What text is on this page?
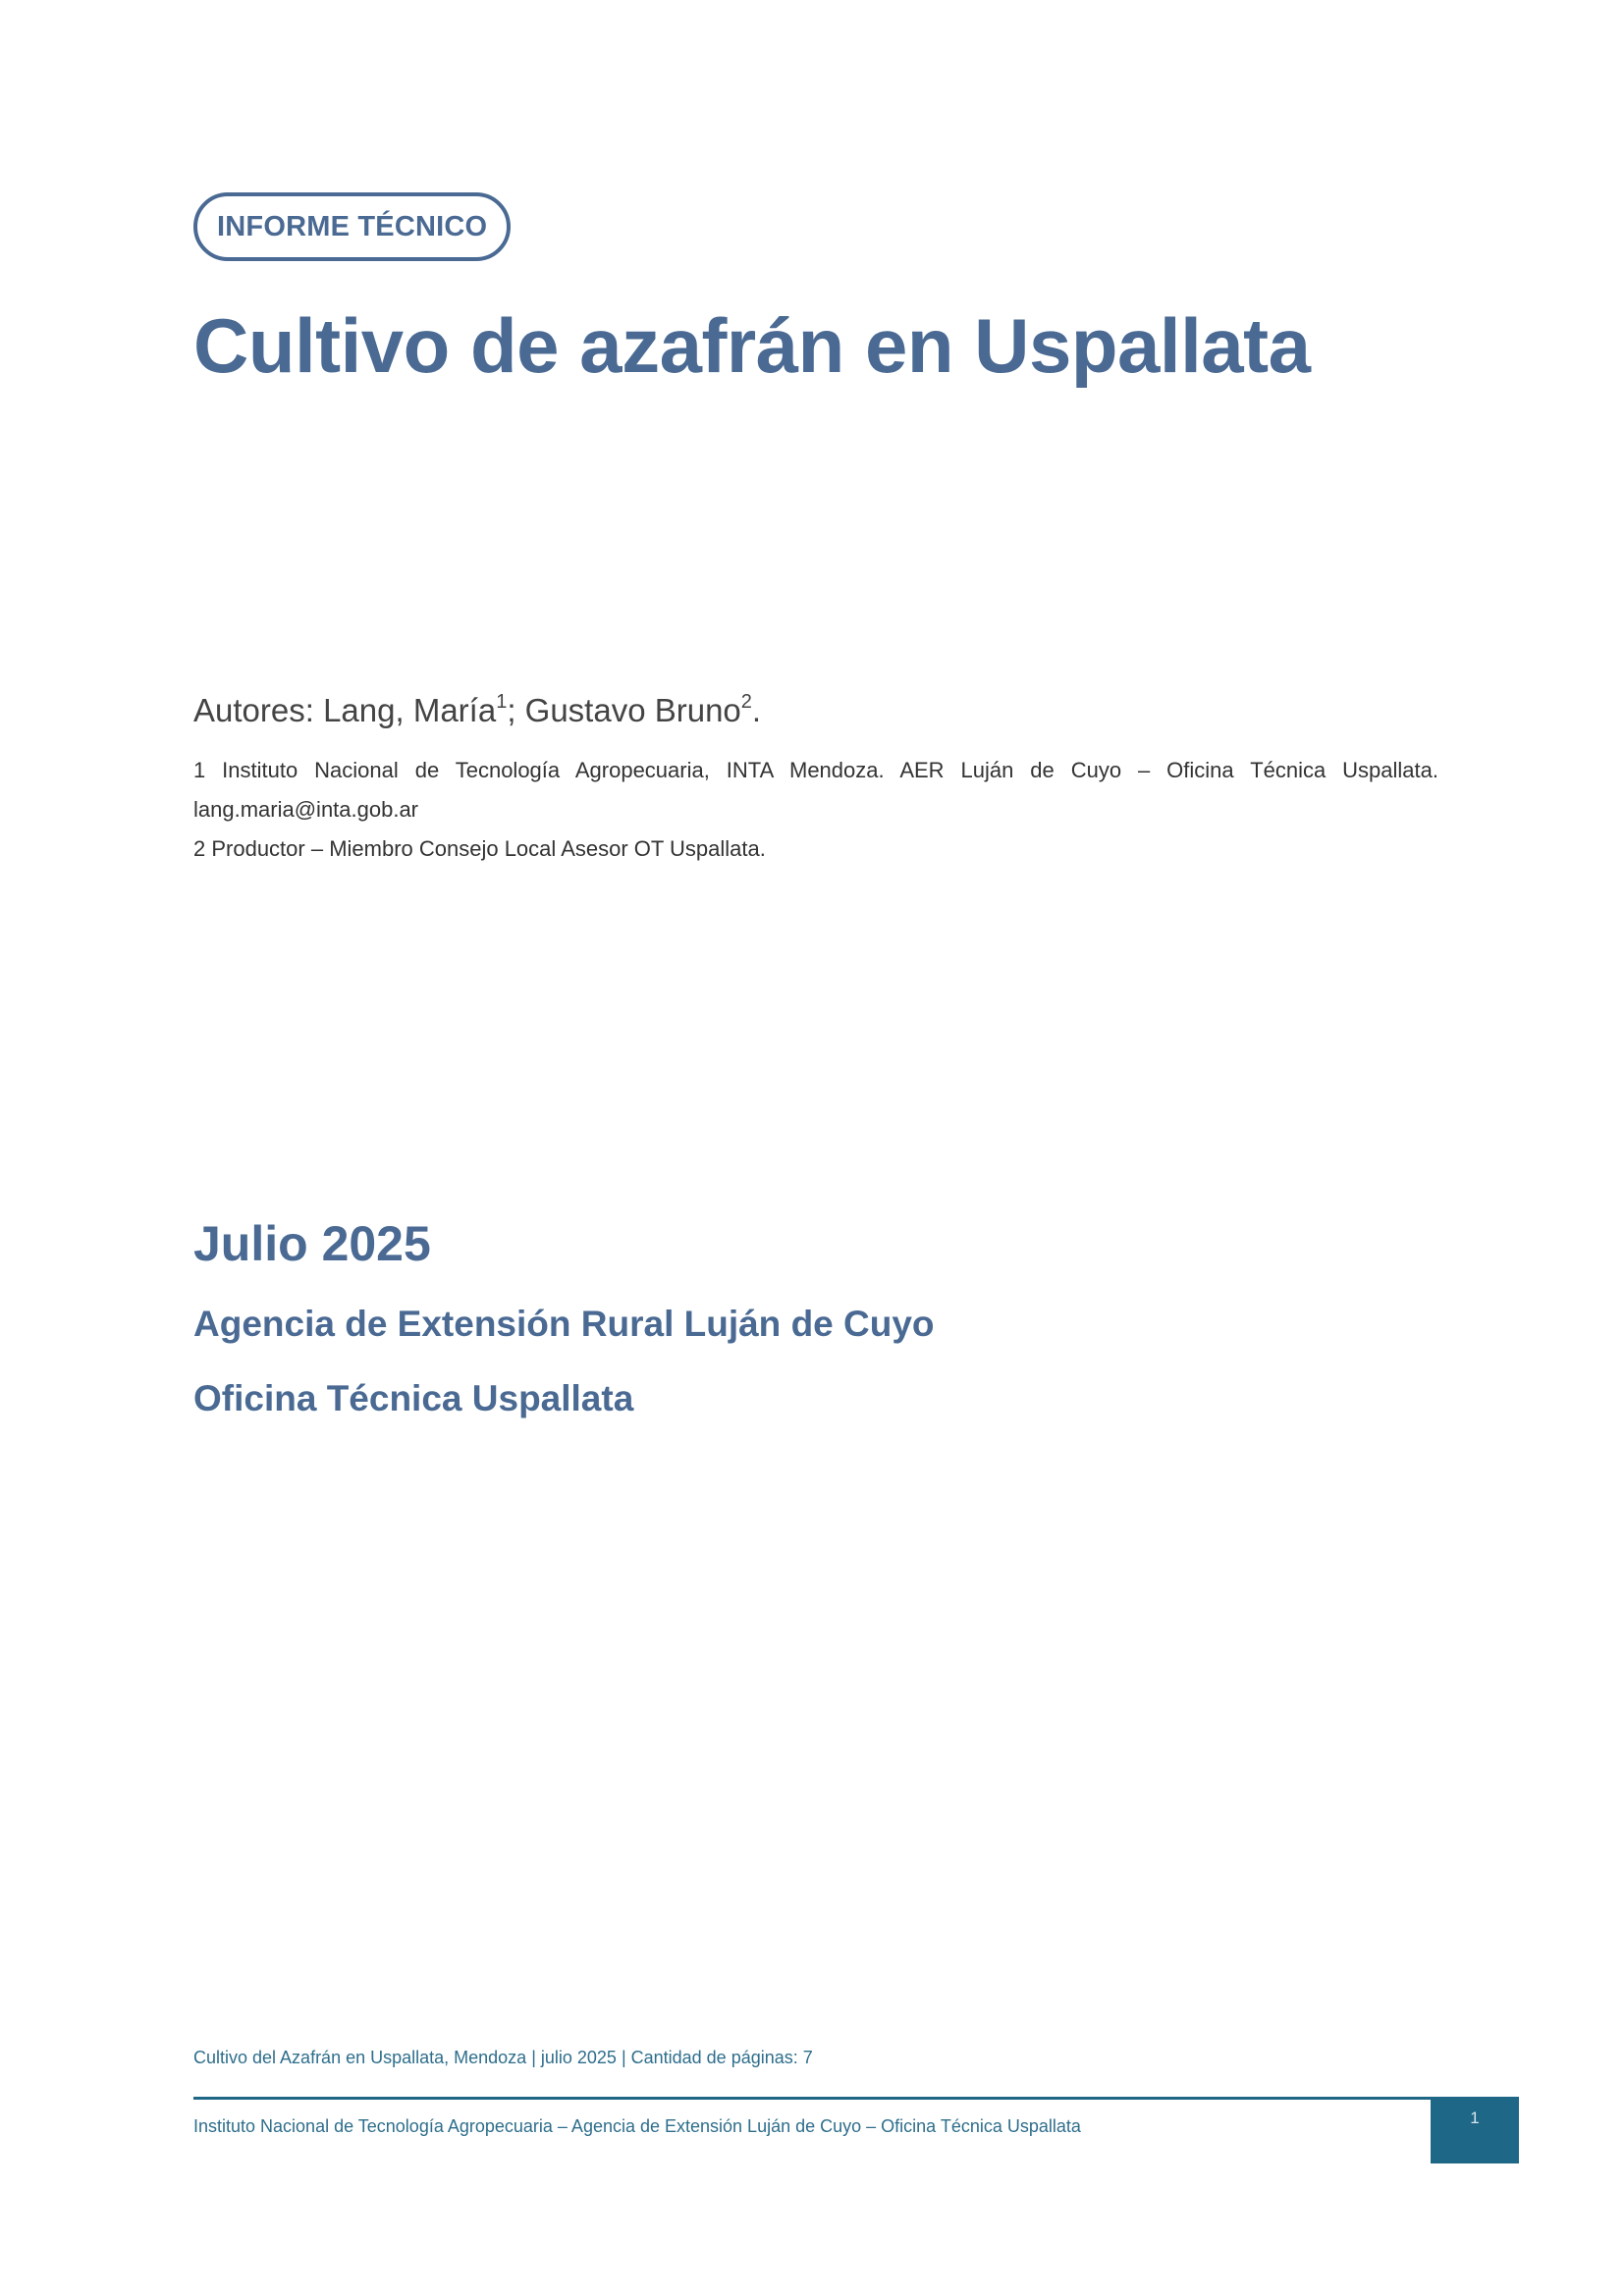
INFORME TÉCNICO
Cultivo de azafrán en Uspallata
Autores: Lang, María$^1$; Gustavo Bruno$^2$.
1 Instituto Nacional de Tecnología Agropecuaria, INTA Mendoza. AER Luján de Cuyo – Oficina Técnica Uspallata.
lang.maria@inta.gob.ar
2 Productor – Miembro Consejo Local Asesor OT Uspallata.
Julio 2025
Agencia de Extensión Rural Luján de Cuyo
Oficina Técnica Uspallata
Cultivo del Azafrán en Uspallata, Mendoza | julio 2025 | Cantidad de páginas: 7
Instituto Nacional de Tecnología Agropecuaria – Agencia de Extensión Luján de Cuyo – Oficina Técnica Uspallata	1
